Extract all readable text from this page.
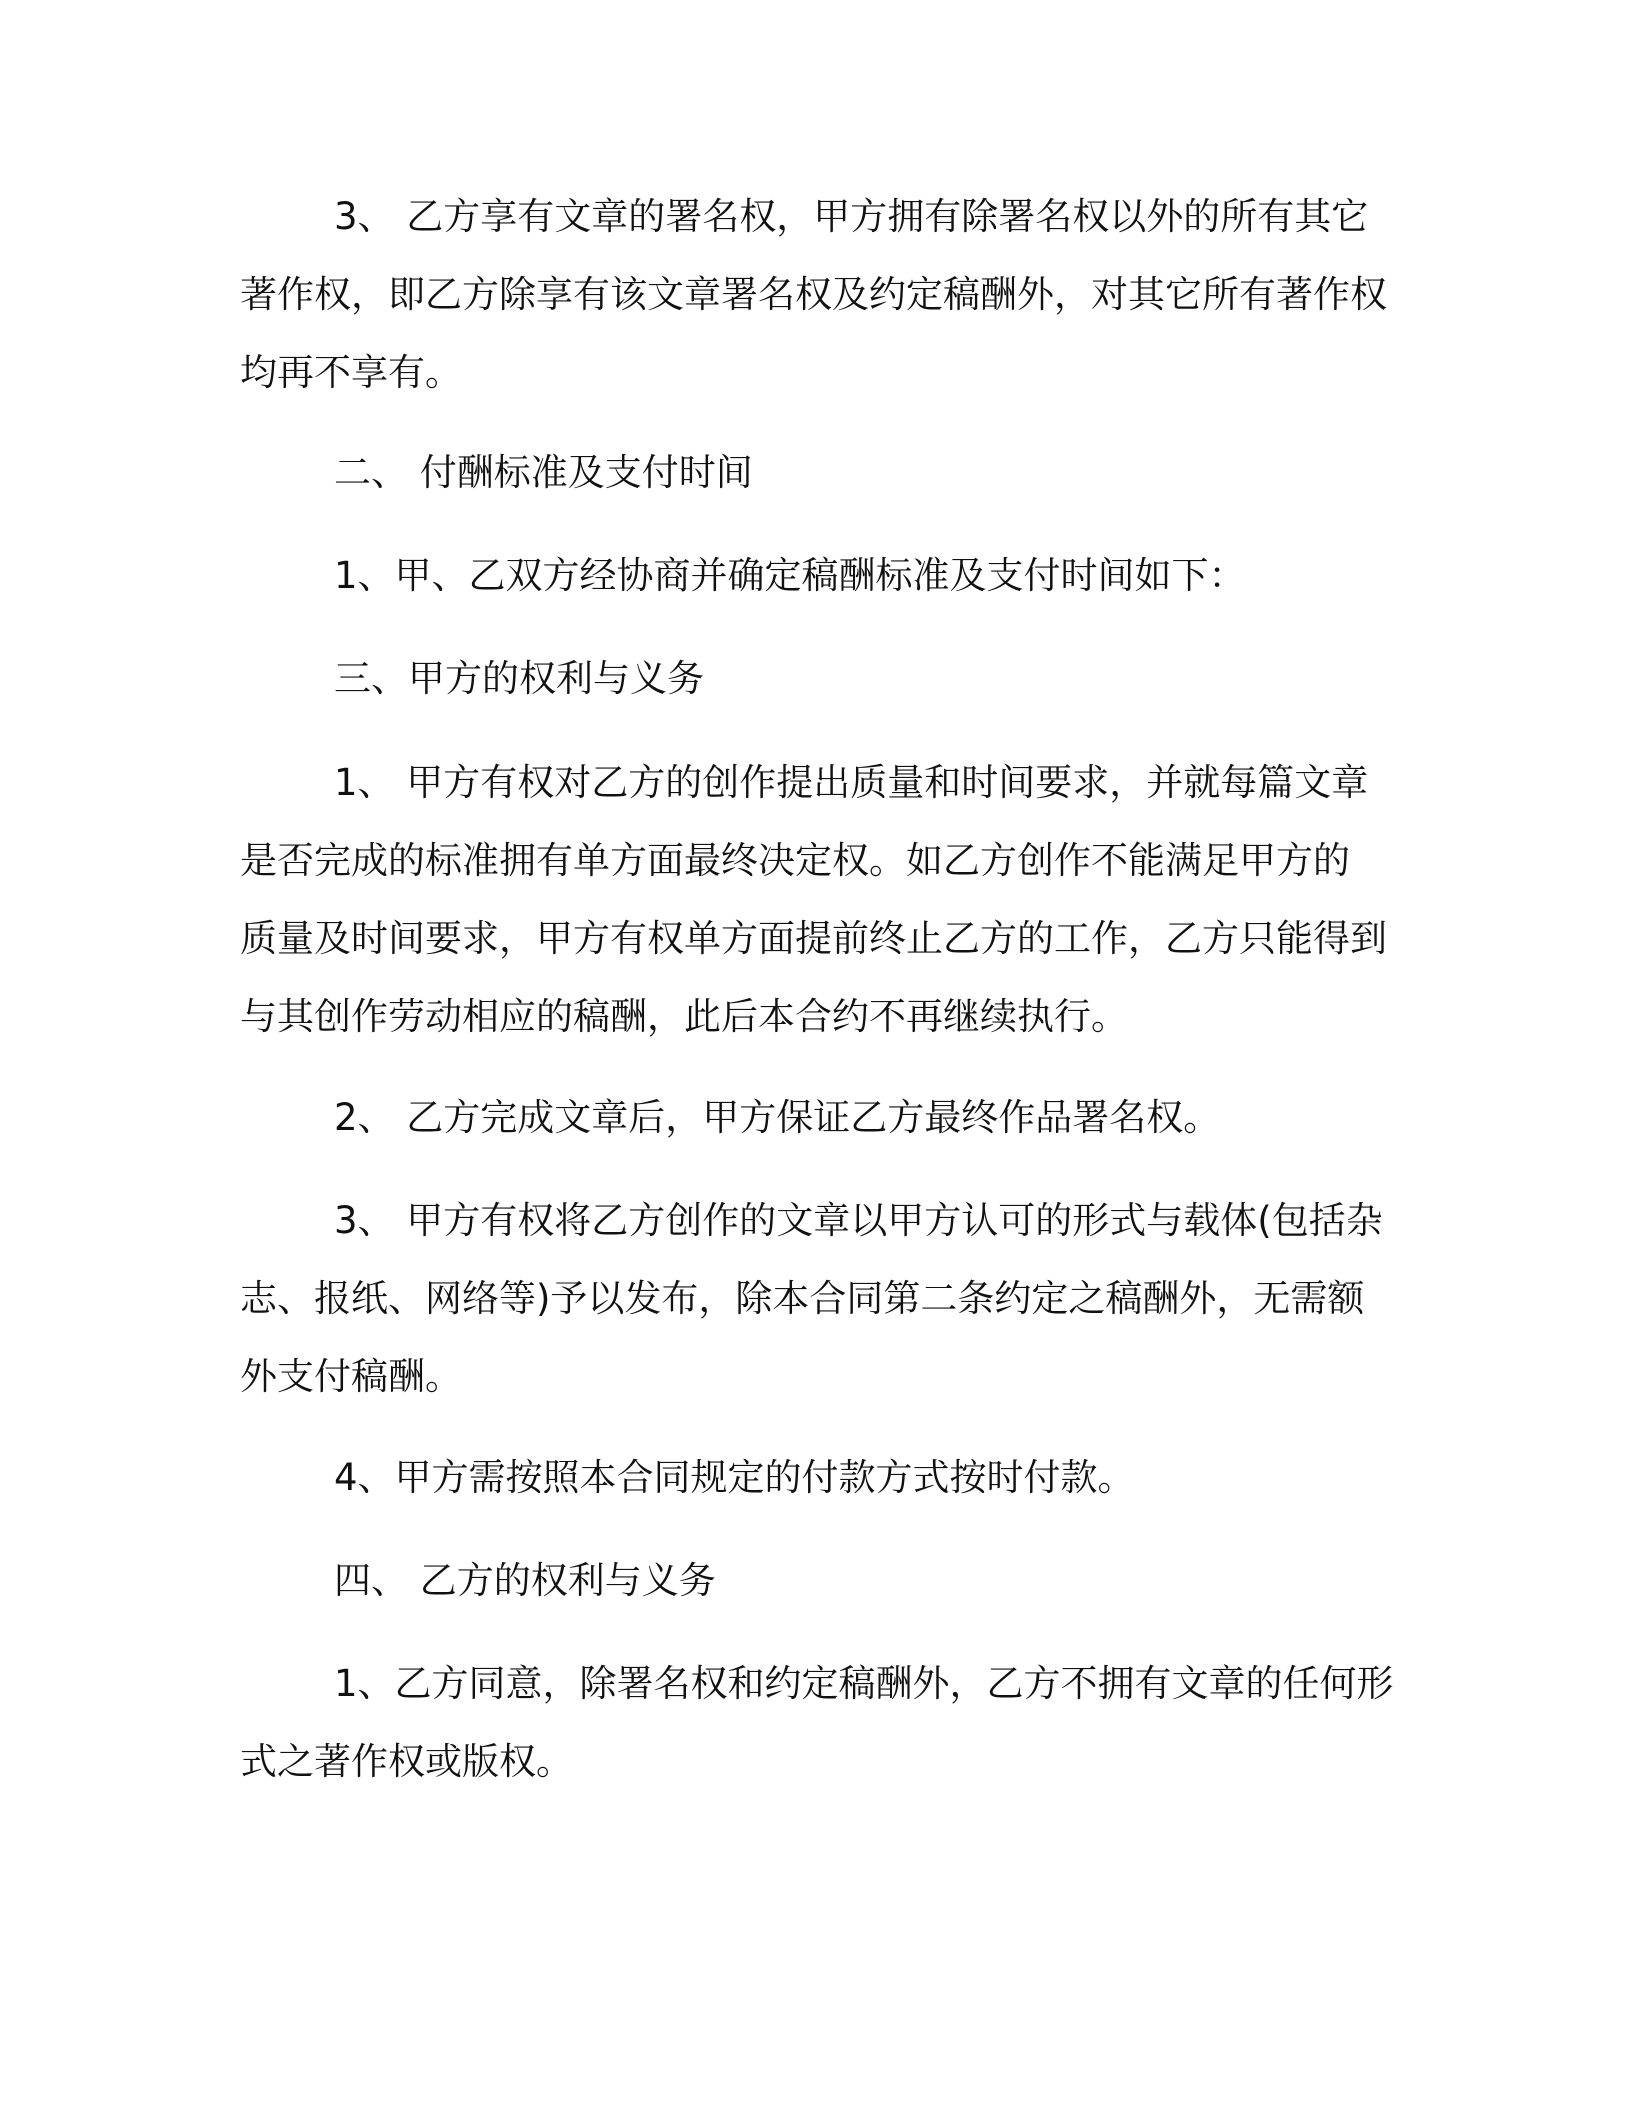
3、 乙方享有文章的署名权，甲方拥有除署名权以外的所有其它
著作权，即乙方除享有该文章署名权及约定稿酬外，对其它所有著作权
均再不享有。

二、 付酬标准及支付时间

1、甲、乙双方经协商并确定稿酬标准及支付时间如下：

三、甲方的权利与义务

1、 甲方有权对乙方的创作提出质量和时间要求，并就每篇文章
是否完成的标准拥有单方面最终决定权。如乙方创作不能满足甲方的
质量及时间要求，甲方有权单方面提前终止乙方的工作，乙方只能得到
与其创作劳动相应的稿酬，此后本合约不再继续执行。

2、 乙方完成文章后，甲方保证乙方最终作品署名权。

3、 甲方有权将乙方创作的文章以甲方认可的形式与载体(包括杂
志、报纸、网络等)予以发布，除本合同第二条约定之稿酬外，无需额
外支付稿酬。

4、甲方需按照本合同规定的付款方式按时付款。

四、 乙方的权利与义务

1、乙方同意，除署名权和约定稿酬外，乙方不拥有文章的任何形
式之著作权或版权。
